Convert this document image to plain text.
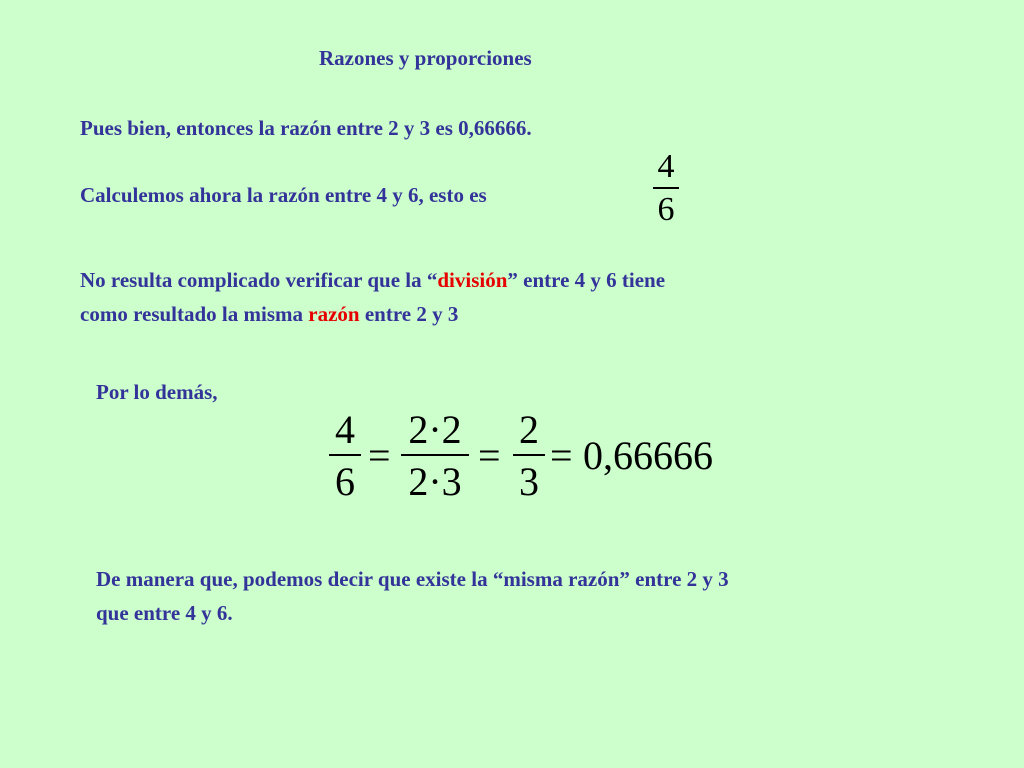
Razones y proporciones

Pues bien, entonces la razón entre 2 y 3 es 0,66666.

Calculemos ahora la razón entre 4 y 6, esto es

4
6

No resulta complicado verificar que la “división” entre 4 y 6 tiene

como resultado la misma razón entre 2 y 3

Por lo demás,

4
6
=
2·2
2·3
=
2
3
= 0,66666

De manera que, podemos decir que existe la “misma razón” entre 2 y 3

que entre 4 y 6.
